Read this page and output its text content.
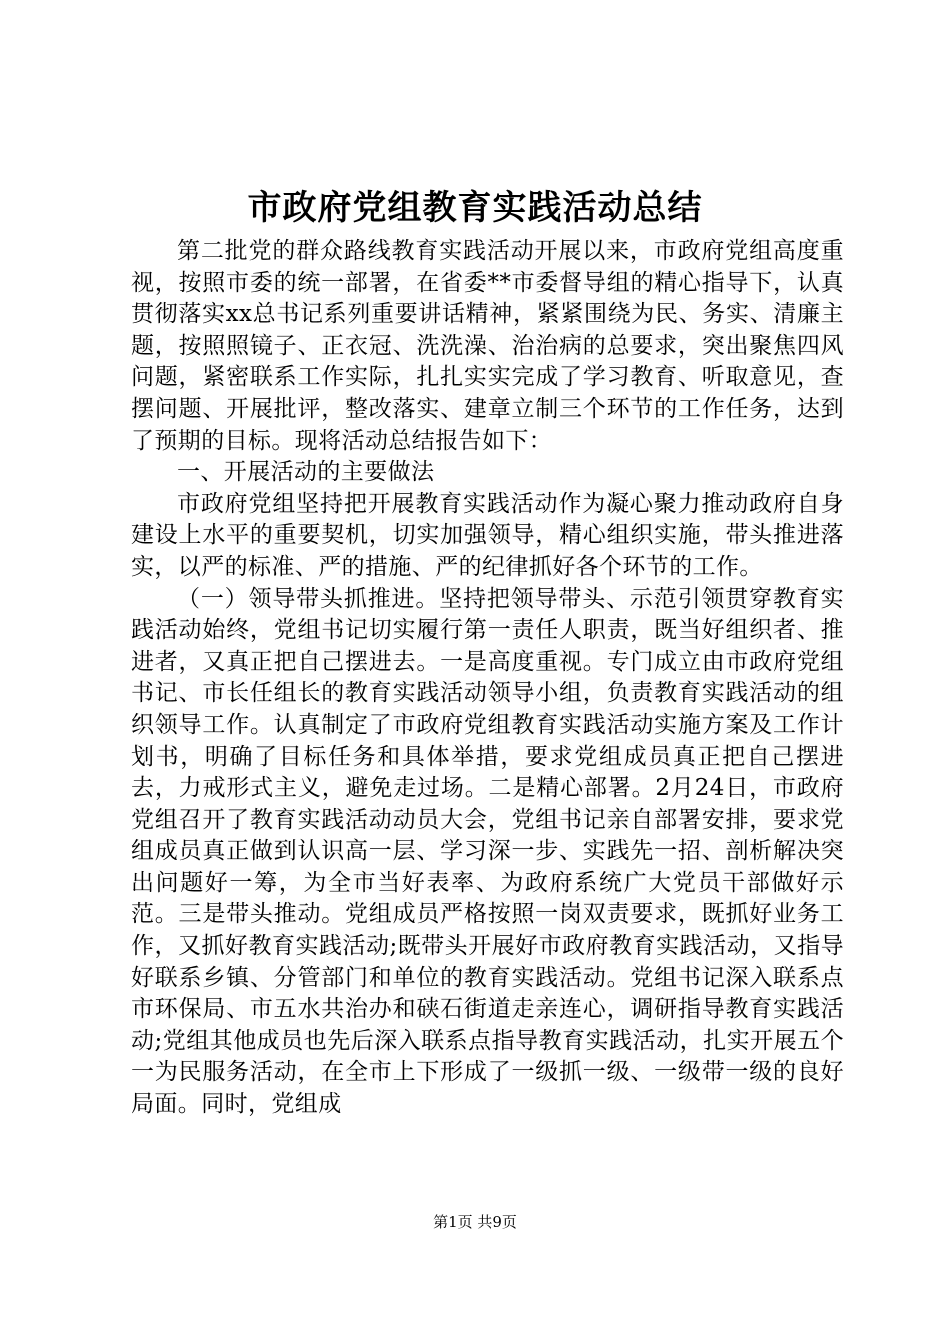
市政府党组教育实践活动总结

第二批党的群众路线教育实践活动开展以来，市政府党组高度重视，按照市委的统一部署，在省委**市委督导组的精心指导下，认真贯彻落实xx总书记系列重要讲话精神，紧紧围绕为民、务实、清廉主题，按照照镜子、正衣冠、洗洗澡、治治病的总要求，突出聚焦四风问题，紧密联系工作实际，扎扎实实完成了学习教育、听取意见，查摆问题、开展批评，整改落实、建章立制三个环节的工作任务，达到了预期的目标。现将活动总结报告如下：

一、开展活动的主要做法

市政府党组坚持把开展教育实践活动作为凝心聚力推动政府自身建设上水平的重要契机，切实加强领导，精心组织实施，带头推进落实，以严的标准、严的措施、严的纪律抓好各个环节的工作。

（一）领导带头抓推进。坚持把领导带头、示范引领贯穿教育实践活动始终，党组书记切实履行第一责任人职责，既当好组织者、推进者，又真正把自己摆进去。一是高度重视。专门成立由市政府党组书记、市长任组长的教育实践活动领导小组，负责教育实践活动的组织领导工作。认真制定了市政府党组教育实践活动实施方案及工作计划书，明确了目标任务和具体举措，要求党组成员真正把自己摆进去，力戒形式主义，避免走过场。二是精心部署。2月24日，市政府党组召开了教育实践活动动员大会，党组书记亲自部署安排，要求党组成员真正做到认识高一层、学习深一步、实践先一招、剖析解决突出问题好一筹，为全市当好表率、为政府系统广大党员干部做好示范。三是带头推动。党组成员严格按照一岗双责要求，既抓好业务工作，又抓好教育实践活动;既带头开展好市政府教育实践活动，又指导好联系乡镇、分管部门和单位的教育实践活动。党组书记深入联系点市环保局、市五水共治办和硖石街道走亲连心，调研指导教育实践活动;党组其他成员也先后深入联系点指导教育实践活动，扎实开展五个一为民服务活动，在全市上下形成了一级抓一级、一级带一级的良好局面。同时，党组成

第1页 共9页
